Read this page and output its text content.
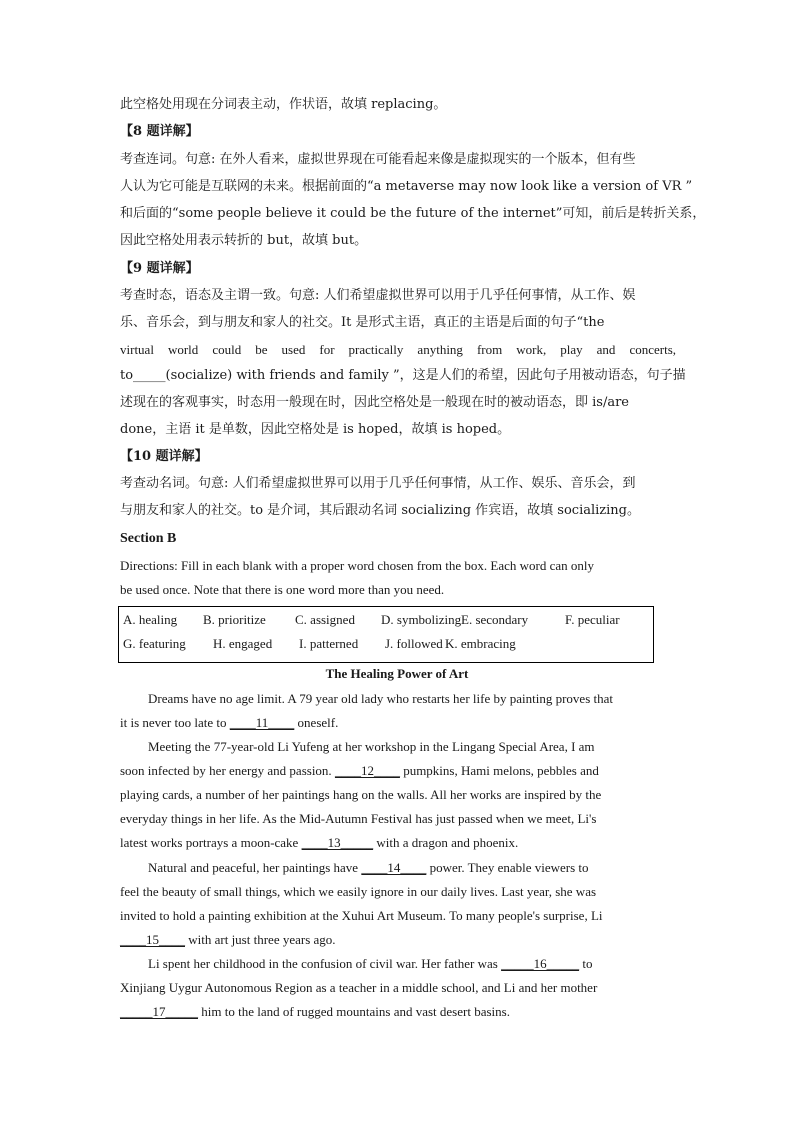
此空格处用现在分词表主动，作状语，故填 replacing。
【8 题详解】
考查连词。句意: 在外人看来，虚拟世界现在可能看起来像是虚拟现实的一个版本，但有些
人认为它可能是互联网的未来。根据前面的“a metaverse may now look like a version of VR ”
和后面的“some people believe it could be the future of the internet”可知，前后是转折关系，
因此空格处用表示转折的 but，故填 but。
【9 题详解】
考查时态，语态及主谓一致。句意: 人们希望虚拟世界可以用于几乎任何事情，从工作、娱
乐、音乐会，到与朋友和家人的社交。It 是形式主语，真正的主语是后面的句子“the
virtual world could be used for practically anything from work, play and concerts,
to_____(socialize) with friends and family ”，这是人们的希望，因此句子用被动语态，句子描
述现在的客观事实，时态用一般现在时，因此空格处是一般现在时的被动语态，即 is/are
done，主语 it 是单数，因此空格处是 is hoped，故填 is hoped。
【10 题详解】
考查动名词。句意: 人们希望虚拟世界可以用于几乎任何事情，从工作、娱乐、音乐会，到
与朋友和家人的社交。to 是介词，其后跟动名词 socializing 作宾语，故填 socializing。
Section B
Directions: Fill in each blank with a proper word chosen from the box. Each word can only
be used once. Note that there is one word more than you need.
A. healing B. prioritize C. assigned D. symbolizing E. secondary	F. peculiar
G. featuring H. engaged I. patterned J. followed K. embracing
The Healing Power of Art
Dreams have no age limit. A 79 year old lady who restarts her life by painting proves that
it is never too late to ____11____ oneself.
Meeting the 77-year-old Li Yufeng at her workshop in the Lingang Special Area, I am
soon infected by her energy and passion. ____12____ pumpkins, Hami melons, pebbles and
playing cards, a number of her paintings hang on the walls. All her works are inspired by the
everyday things in her life. As the Mid-Autumn Festival has just passed when we meet, Li's
latest works portrays a moon-cake ____13_____ with a dragon and phoenix.
Natural and peaceful, her paintings have ____14____ power. They enable viewers to
feel the beauty of small things, which we easily ignore in our daily lives. Last year, she was
invited to hold a painting exhibition at the Xuhui Art Museum. To many people's surprise, Li
____15____ with art just three years ago.
Li spent her childhood in the confusion of civil war. Her father was _____16_____ to
Xinjiang Uygur Autonomous Region as a teacher in a middle school, and Li and her mother
_____17_____ him to the land of rugged mountains and vast desert basins.
